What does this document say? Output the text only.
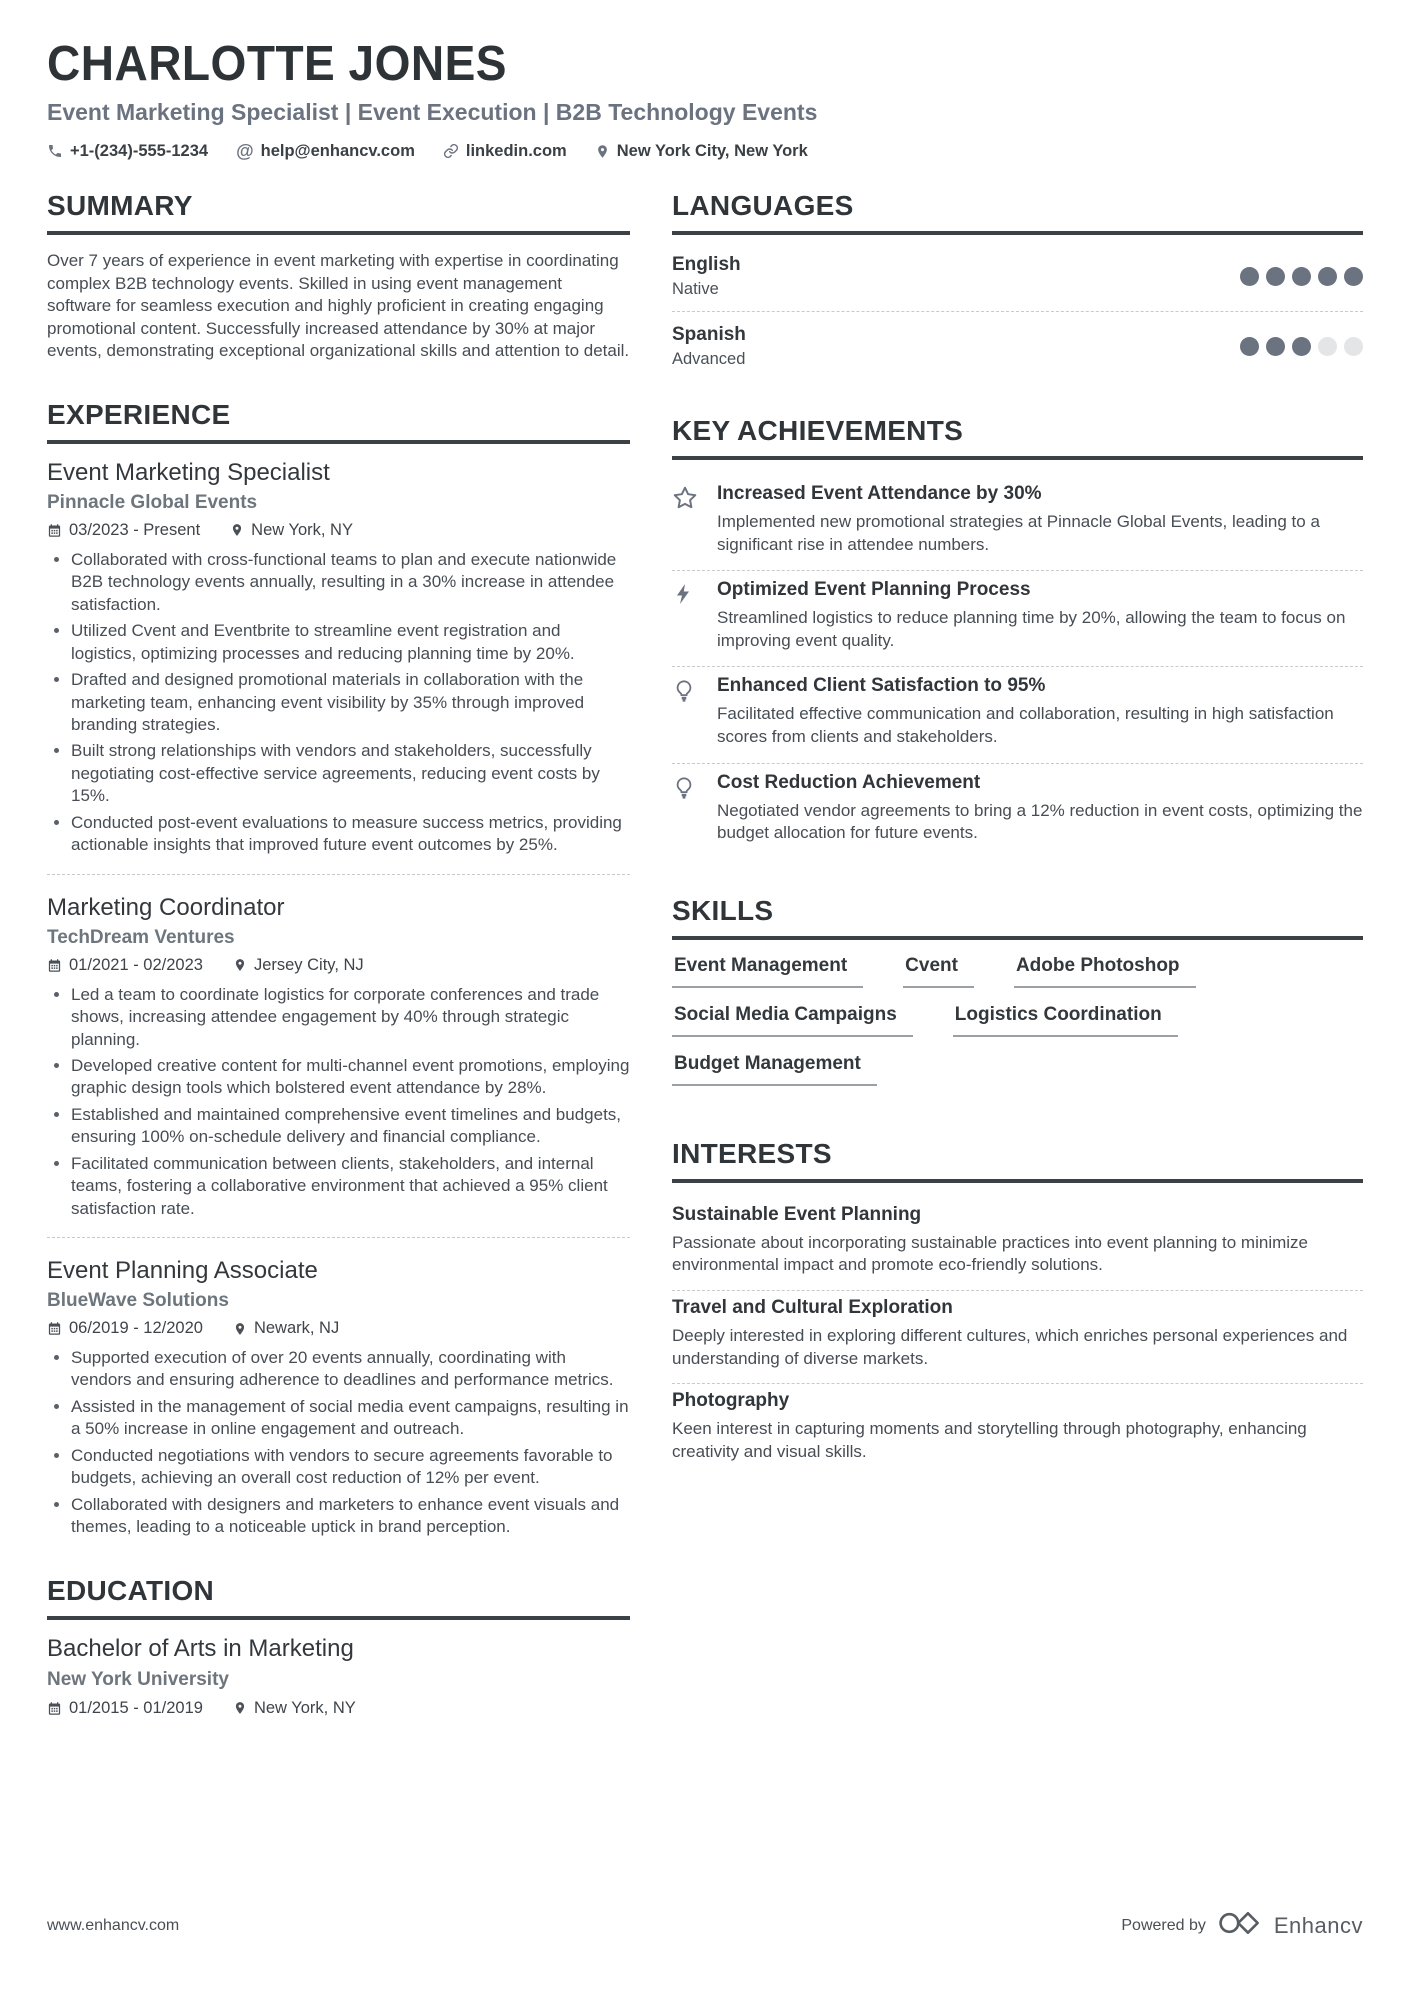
CHARLOTTE JONES
Event Marketing Specialist | Event Execution | B2B Technology Events
+1-(234)-555-1234 @ help@enhancv.com	linkedin.com	New York City, New York
SUMMARY
Over 7 years of experience in event marketing with expertise in coordinating complex B2B technology events. Skilled in using event management software for seamless execution and highly proficient in creating engaging promotional content. Successfully increased attendance by 30% at major events, demonstrating exceptional organizational skills and attention to detail.
EXPERIENCE
Event Marketing Specialist
Pinnacle Global Events
03/2023 - Present	New York, NY
• Collaborated with cross-functional teams to plan and execute nationwide B2B technology events annually, resulting in a 30% increase in attendee satisfaction.
• Utilized Cvent and Eventbrite to streamline event registration and logistics, optimizing processes and reducing planning time by 20%.
• Drafted and designed promotional materials in collaboration with the marketing team, enhancing event visibility by 35% through improved branding strategies.
• Built strong relationships with vendors and stakeholders, successfully negotiating cost-effective service agreements, reducing event costs by 15%.
• Conducted post-event evaluations to measure success metrics, providing actionable insights that improved future event outcomes by 25%.
Marketing Coordinator
TechDream Ventures
01/2021 - 02/2023	Jersey City, NJ
• Led a team to coordinate logistics for corporate conferences and trade shows, increasing attendee engagement by 40% through strategic planning.
• Developed creative content for multi-channel event promotions, employing graphic design tools which bolstered event attendance by 28%.
• Established and maintained comprehensive event timelines and budgets, ensuring 100% on-schedule delivery and financial compliance.
• Facilitated communication between clients, stakeholders, and internal teams, fostering a collaborative environment that achieved a 95% client satisfaction rate.
Event Planning Associate
BlueWave Solutions
06/2019 - 12/2020	Newark, NJ
• Supported execution of over 20 events annually, coordinating with vendors and ensuring adherence to deadlines and performance metrics.
• Assisted in the management of social media event campaigns, resulting in a 50% increase in online engagement and outreach.
• Conducted negotiations with vendors to secure agreements favorable to budgets, achieving an overall cost reduction of 12% per event.
• Collaborated with designers and marketers to enhance event visuals and themes, leading to a noticeable uptick in brand perception.
EDUCATION
Bachelor of Arts in Marketing
New York University
01/2015 - 01/2019	New York, NY
LANGUAGES
English
Native
Spanish
Advanced
KEY ACHIEVEMENTS
Increased Event Attendance by 30%
Implemented new promotional strategies at Pinnacle Global Events, leading to a significant rise in attendee numbers.
Optimized Event Planning Process
Streamlined logistics to reduce planning time by 20%, allowing the team to focus on improving event quality.
Enhanced Client Satisfaction to 95%
Facilitated effective communication and collaboration, resulting in high satisfaction scores from clients and stakeholders.
Cost Reduction Achievement
Negotiated vendor agreements to bring a 12% reduction in event costs, optimizing the budget allocation for future events.
SKILLS
Event Management	Cvent	Adobe Photoshop
Social Media Campaigns	Logistics Coordination
Budget Management
INTERESTS
Sustainable Event Planning
Passionate about incorporating sustainable practices into event planning to minimize environmental impact and promote eco-friendly solutions.
Travel and Cultural Exploration
Deeply interested in exploring different cultures, which enriches personal experiences and understanding of diverse markets.
Photography
Keen interest in capturing moments and storytelling through photography, enhancing creativity and visual skills.
www.enhancv.com	Powered by	Enhancv
